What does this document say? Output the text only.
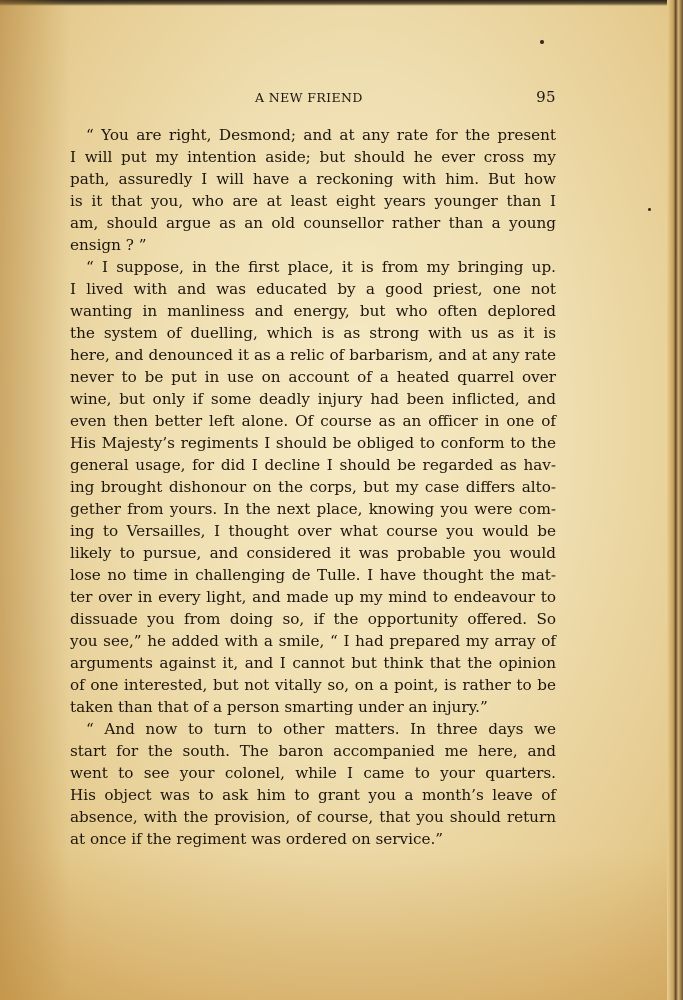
A NEW FRIEND	95
“ You are right, Desmond; and at any rate for the present
I will put my intention aside; but should he ever cross my
path, assuredly I will have a reckoning with him. But how
is it that you, who are at least eight years younger than I
am, should argue as an old counsellor rather than a young
ensign ? ”
“ I suppose, in the first place, it is from my bringing up.
I lived with and was educated by a good priest, one not
wanting in manliness and energy, but who often deplored
the system of duelling, which is as strong with us as it is
here, and denounced it as a relic of barbarism, and at any rate
never to be put in use on account of a heated quarrel over
wine, but only if some deadly injury had been inflicted, and
even then better left alone. Of course as an officer in one of
His Majesty’s regiments I should be obliged to conform to the
general usage, for did I decline I should be regarded as hav-
ing brought dishonour on the corps, but my case differs alto-
gether from yours. In the next place, knowing you were com-
ing to Versailles, I thought over what course you would be
likely to pursue, and considered it was probable you would
lose no time in challenging de Tulle. I have thought the mat-
ter over in every light, and made up my mind to endeavour to
dissuade you from doing so, if the opportunity offered. So
you see,” he added with a smile, “ I had prepared my array of
arguments against it, and I cannot but think that the opinion
of one interested, but not vitally so, on a point, is rather to be
taken than that of a person smarting under an injury.”
“ And now to turn to other matters. In three days we
start for the south. The baron accompanied me here, and
went to see your colonel, while I came to your quarters.
His object was to ask him to grant you a month’s leave of
absence, with the provision, of course, that you should return
at once if the regiment was ordered on service.”
